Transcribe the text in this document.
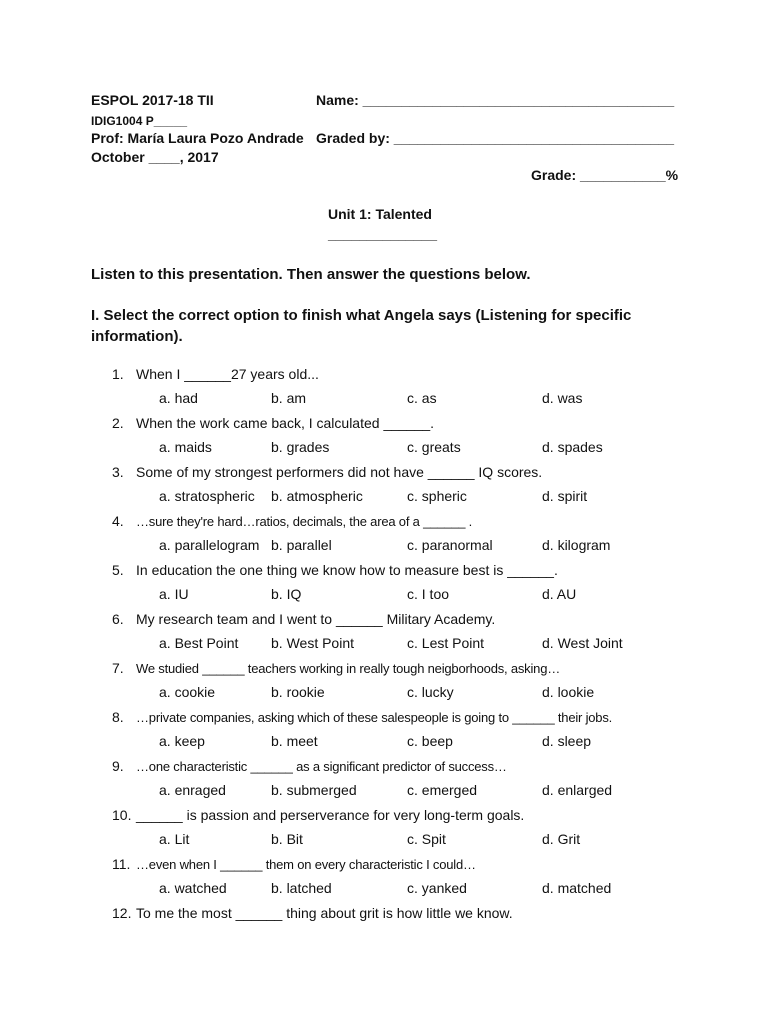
ESPOL 2017-18 TII
IDIG1004 P_____
Prof: María Laura Pozo Andrade
October ____, 2017
Name: ________________________________________
Graded by: ____________________________________
Grade: ___________%
Unit 1: Talented
______________
Listen to this presentation. Then answer the questions below.
I. Select the correct option to finish what Angela says (Listening for specific
information).
1. When I ______27 years old...
a. had	b. am	c. as	d. was
2. When the work came back, I calculated ______.
a. maids	b. grades	c. greats	d. spades
3. Some of my strongest performers did not have ______ IQ scores.
a. stratospheric b. atmospheric	c. spheric	d. spirit
4. …sure they're hard…ratios, decimals, the area of a ______ .
a. parallelogram b. parallel	c. paranormal	d. kilogram
5. In education the one thing we know how to measure best is ______.
a. IU	b. IQ	c. I too	d. AU
6. My research team and I went to ______ Military Academy.
a. Best Point b. West Point	c. Lest Point	d. West Joint
7. We studied ______ teachers working in really tough neigborhoods, asking…
a. cookie	b. rookie	c. lucky	d. lookie
8. …private companies, asking which of these salespeople is going to ______ their jobs.
a. keep	b. meet	c. beep	d. sleep
9. …one characteristic ______ as a significant predictor of success…
a. enraged	b. submerged	c. emerged	d. enlarged
10. ______ is passion and perserverance for very long-term goals.
a. Lit	b. Bit	c. Spit	d. Grit
11. …even when I ______ them on every characteristic I could…
a. watched	b. latched	c. yanked	d. matched
12. To me the most ______ thing about grit is how little we know.
